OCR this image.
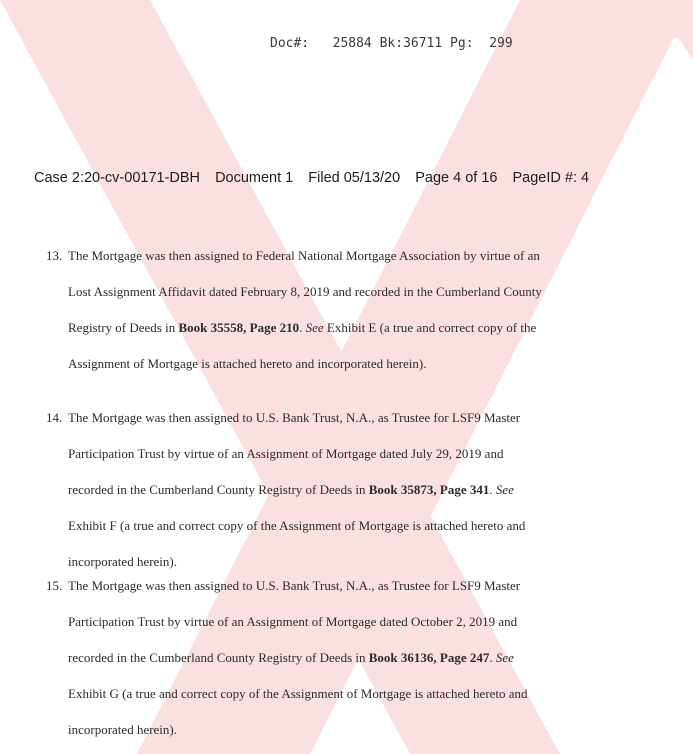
Doc#: 25884 Bk:36711 Pg: 299
Case 2:20-cv-00171-DBH Document 1 Filed 05/13/20 Page 4 of 16 PageID #: 4
13. The Mortgage was then assigned to Federal National Mortgage Association by virtue of an
Lost Assignment Affidavit dated February 8, 2019 and recorded in the Cumberland County
Registry of Deeds in Book 35558, Page 210. See Exhibit E (a true and correct copy of the
Assignment of Mortgage is attached hereto and incorporated herein).
14. The Mortgage was then assigned to U.S. Bank Trust, N.A., as Trustee for LSF9 Master
Participation Trust by virtue of an Assignment of Mortgage dated July 29, 2019 and
recorded in the Cumberland County Registry of Deeds in Book 35873, Page 341. See
Exhibit F (a true and correct copy of the Assignment of Mortgage is attached hereto and
incorporated herein).
15. The Mortgage was then assigned to U.S. Bank Trust, N.A., as Trustee for LSF9 Master
Participation Trust by virtue of an Assignment of Mortgage dated October 2, 2019 and
recorded in the Cumberland County Registry of Deeds in Book 36136, Page 247. See
Exhibit G (a true and correct copy of the Assignment of Mortgage is attached hereto and
incorporated herein).
